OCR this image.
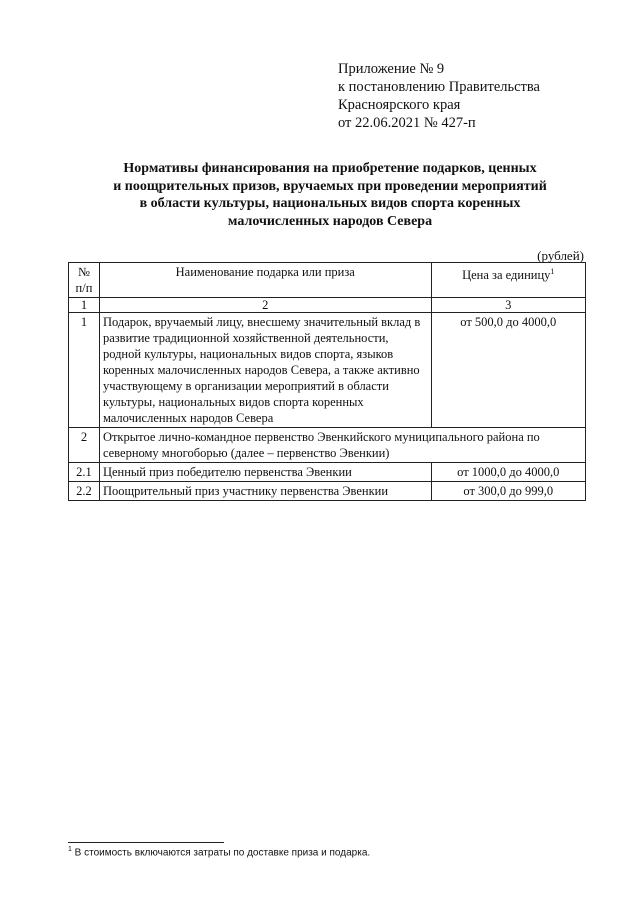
Приложение № 9
к постановлению Правительства
Красноярского края
от 22.06.2021 № 427-п
Нормативы финансирования на приобретение подарков, ценных
и поощрительных призов, вручаемых при проведении мероприятий
в области культуры, национальных видов спорта коренных
малочисленных народов Севера
(рублей)
№
п/п	Наименование подарка или приза	Цена за единицу$^1$
1	2	3
1	Подарок, вручаемый лицу, внесшему значительный вклад в развитие традиционной хозяйственной деятельности, родной культуры, национальных видов спорта, языков коренных малочисленных народов Севера, а также активно участвующему в организации мероприятий в области культуры, национальных видов спорта коренных малочисленных народов Севера	от 500,0 до 4000,0
2	Открытое лично-командное первенство Эвенкийского муниципального района по северному многоборью (далее – первенство Эвенкии)	
2.1	Ценный приз победителю первенства Эвенкии	от 1000,0 до 4000,0
2.2	Поощрительный приз участнику первенства Эвенкии	от 300,0 до 999,0
$^1$ В стоимость включаются затраты по доставке приза и подарка.
